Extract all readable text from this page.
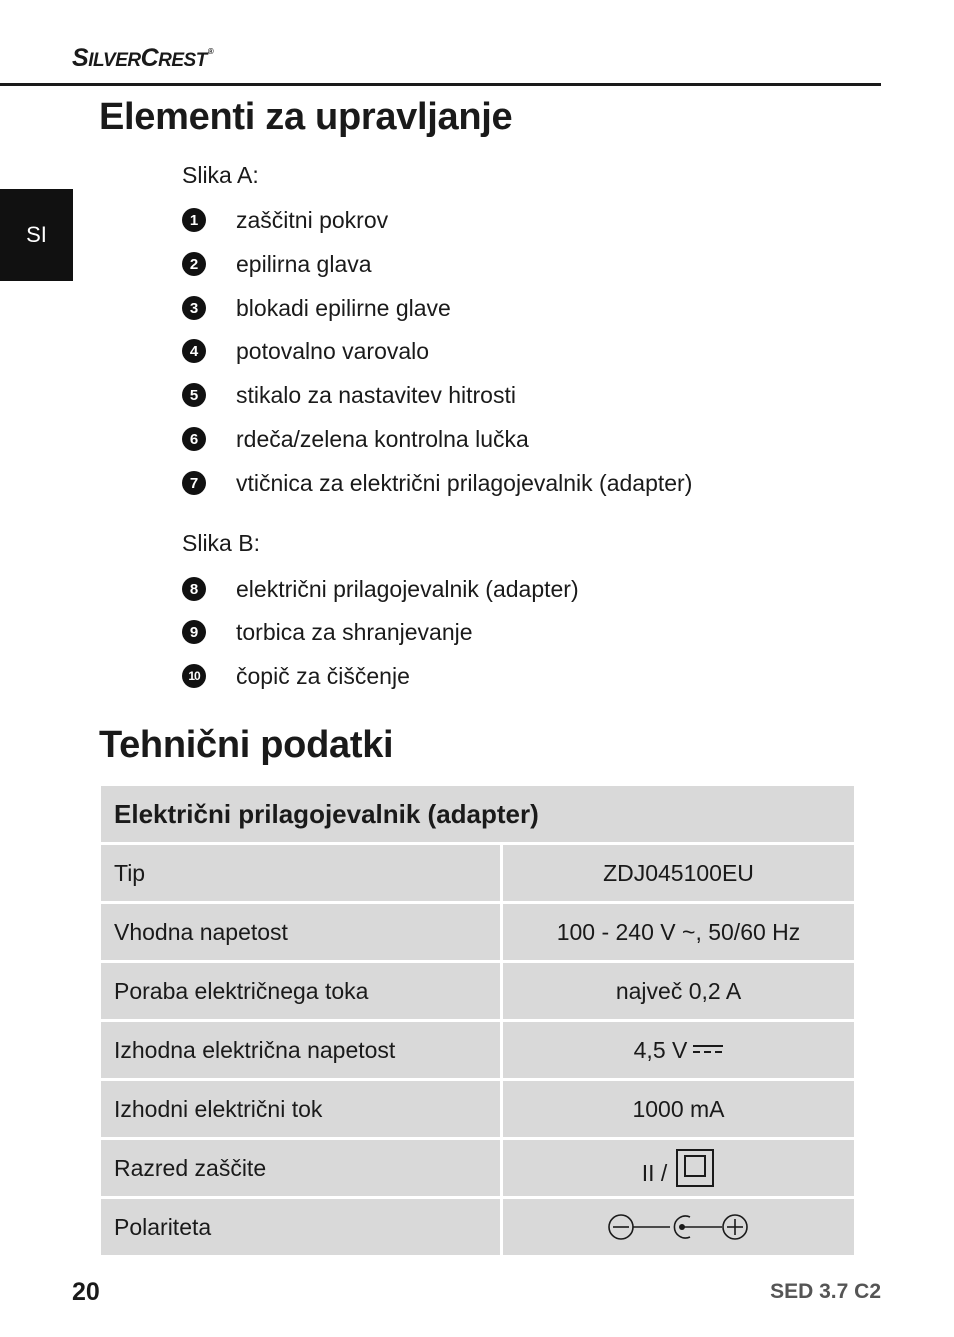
SILVERCREST®
SI
Elementi za upravljanje
Slika A:
1	zaščitni pokrov
2	epilirna glava
3	blokadi epilirne glave
4	potovalno varovalo
5	stikalo za nastavitev hitrosti
6	rdeča/zelena kontrolna lučka
7	vtičnica za električni prilagojevalnik (adapter)
Slika B:
8	električni prilagojevalnik (adapter)
9	torbica za shranjevanje
10 čopič za čiščenje
Tehnični podatki
Električni prilagojevalnik (adapter)
Tip	ZDJ045100EU
Vhodna napetost	100 - 240 V ~, 50/60 Hz
Poraba električnega toka	največ 0,2 A
Izhodna električna napetost	4,5 V
Izhodni električni tok	1000 mA
Razred zaščite	II /
Polariteta
20	SED 3.7 C2
